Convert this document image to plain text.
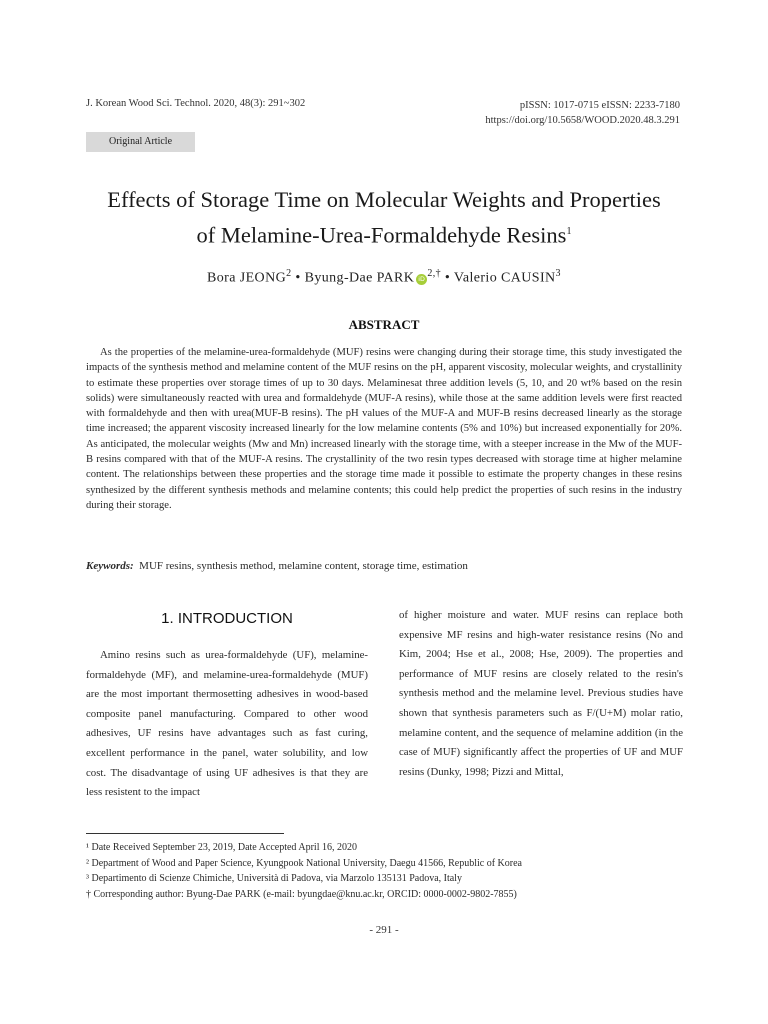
J. Korean Wood Sci. Technol. 2020, 48(3): 291~302	pISSN: 1017-0715 eISSN: 2233-7180
https://doi.org/10.5658/WOOD.2020.48.3.291
Original Article
Effects of Storage Time on Molecular Weights and Properties
of Melamine-Urea-Formaldehyde Resins$^1$
Bora JEONG$^2$ • Byung-Dae PARK $iD^{2,\dagger}$ • Valerio CAUSIN$^3$
ABSTRACT

As the properties of the melamine-urea-formaldehyde (MUF) resins were changing during their storage time, this study investigated the impacts of the synthesis method and melamine content of the MUF resins on the pH, apparent viscosity, molecular weights, and crystallinity to estimate these properties over storage times of up to 30 days. Melaminesat three addition levels (5, 10, and 20 wt% based on the resin solids) were simultaneously reacted with urea and formaldehyde (MUF-A resins), while those at the same addition levels were first reacted with formaldehyde and then with urea(MUF-B resins). The pH values of the MUF-A and MUF-B resins decreased linearly as the storage time increased; the apparent viscosity increased linearly for the low melamine contents (5% and 10%) but increased exponentially for 20%. As anticipated, the molecular weights (Mw and Mn) increased linearly with the storage time, with a steeper increase in the Mw of the MUF-B resins compared with that of the MUF-A resins. The crystallinity of the two resin types decreased with storage time at higher melamine content. The relationships between these properties and the storage time made it possible to estimate the property changes in these resins synthesized by the different synthesis methods and melamine contents; this could help predict the properties of such resins in the industry during their storage.

Keywords: MUF resins, synthesis method, melamine content, storage time, estimation
1. INTRODUCTION

Amino resins such as urea-formaldehyde (UF), melamine-formaldehyde (MF), and melamine-urea-formaldehyde (MUF) are the most important thermosetting adhesives in wood-based composite panel manufacturing. Compared to other wood adhesives, UF resins have advantages such as fast curing, excellent performance in the panel, water solubility, and low cost. The disadvantage of using UF adhesives is that they are less resistent to the impact

of higher moisture and water. MUF resins can replace both expensive MF resins and high-water resistance resins (No and Kim, 2004; Hse et al., 2008; Hse, 2009). The properties and performance of MUF resins are closely related to the resin's synthesis method and the melamine level. Previous studies have shown that synthesis parameters such as F/(U+M) molar ratio, melamine content, and the sequence of melamine addition (in the case of MUF) significantly affect the properties of UF and MUF resins (Dunky, 1998; Pizzi and Mittal,

¹ Date Received September 23, 2019, Date Accepted April 16, 2020
² Department of Wood and Paper Science, Kyungpook National University, Daegu 41566, Republic of Korea
³ Departimento di Scienze Chimiche, Università di Padova, via Marzolo 135131 Padova, Italy
† Corresponding author: Byung-Dae PARK (e-mail: byungdae@knu.ac.kr, ORCID: 0000-0002-9802-7855)
- 291 -
